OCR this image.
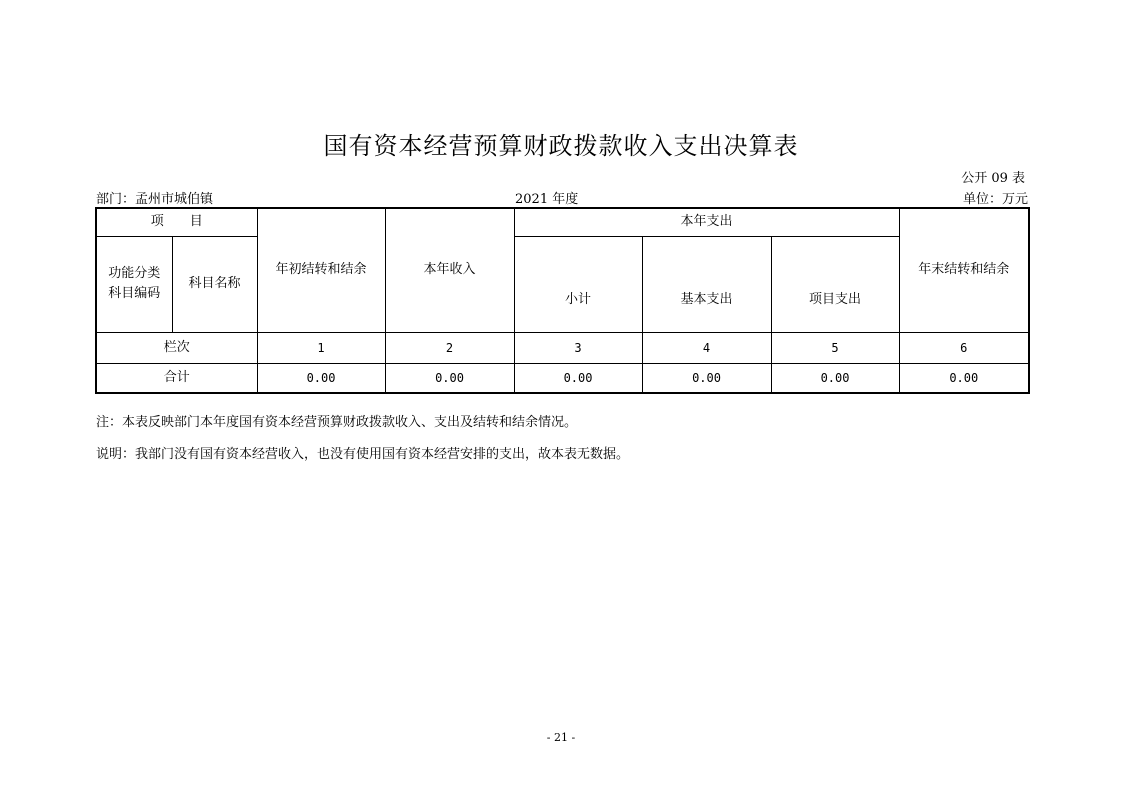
国有资本经营预算财政拨款收入支出决算表
公开 09 表
部门：孟州市城伯镇	2021 年度	单位：万元
项　　目		年初结转和结余	本年收入	本年支出			年末结转和结余

功能分类
科目编码	科目名称			小计	基本支出	项目支出	
栏次		1	2	3	4	5	6
合计		0.00	0.00	0.00	0.00	0.00	0.00
注：本表反映部门本年度国有资本经营预算财政拨款收入、支出及结转和结余情况。
说明：我部门没有国有资本经营收入，也没有使用国有资本经营安排的支出，故本表无数据。
- 21 -
